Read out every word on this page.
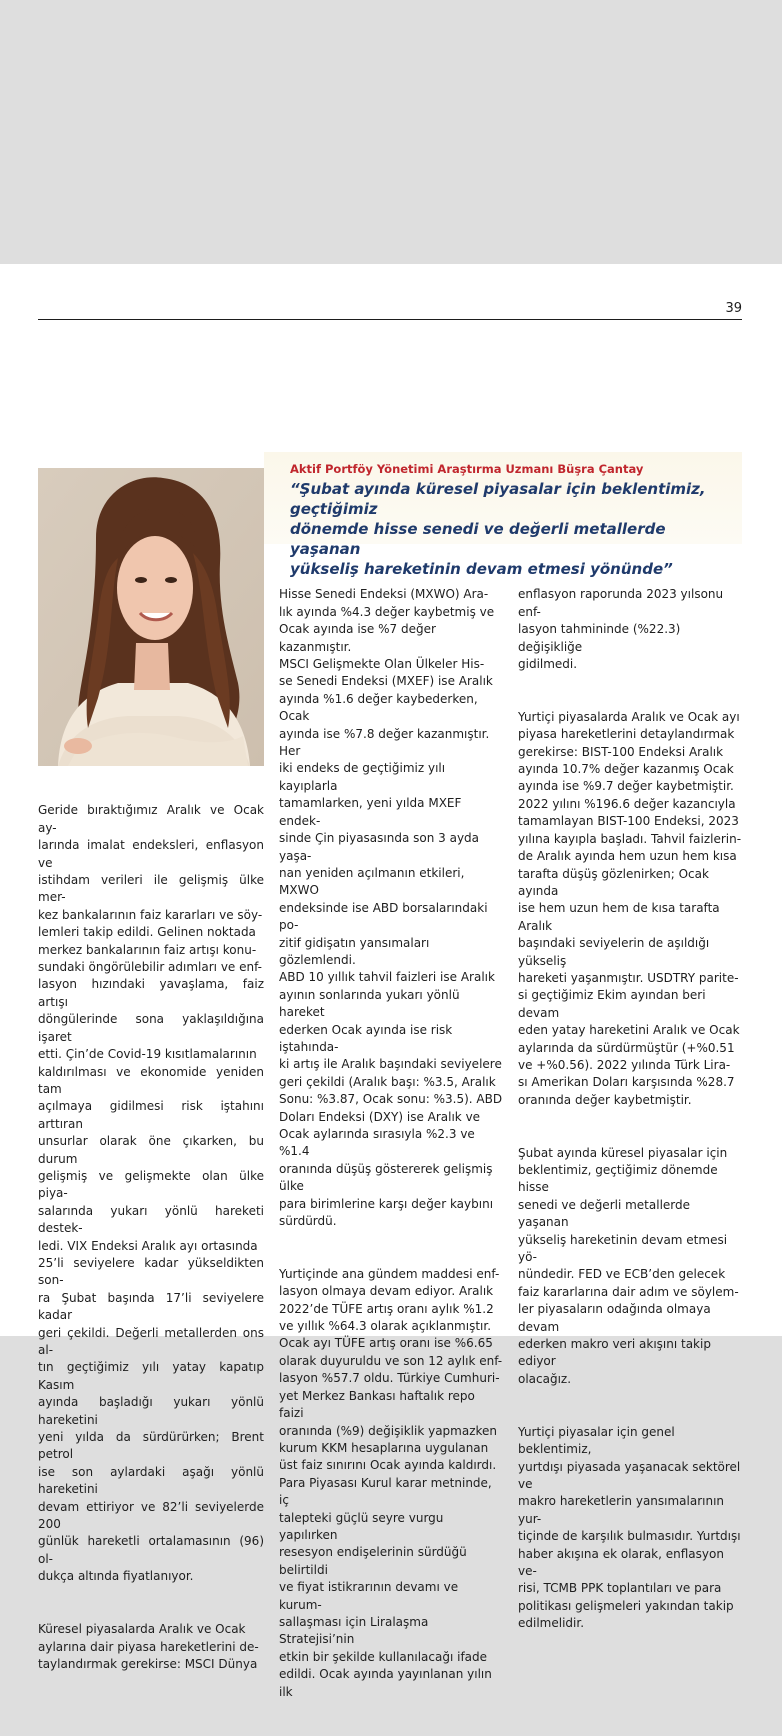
39
Aktif Portföy Yönetimi Araştırma Uzmanı Büşra Çantay
“Şubat ayında küresel piyasalar için beklentimiz, geçtiğimiz
dönemde hisse senedi ve değerli metallerde yaşanan
yükseliş hareketinin devam etmesi yönünde”

Geride bıraktığımız Aralık ve Ocak ay-
larında imalat endeksleri, enflasyon ve
istihdam verileri ile gelişmiş ülke mer-
kez bankalarının faiz kararları ve söy-
lemleri takip edildi. Gelinen noktada
merkez bankalarının faiz artışı konu-
sundaki öngörülebilir adımları ve enf-
lasyon hızındaki yavaşlama, faiz artışı
döngülerinde sona yaklaşıldığına işaret
etti. Çin’de Covid-19 kısıtlamalarının
kaldırılması ve ekonomide yeniden tam
açılmaya gidilmesi risk iştahını arttıran
unsurlar olarak öne çıkarken, bu durum
gelişmiş ve gelişmekte olan ülke piya-
salarında yukarı yönlü hareketi destek-
ledi. VIX Endeksi Aralık ayı ortasında
25’li seviyelere kadar yükseldikten son-
ra Şubat başında 17’li seviyelere kadar
geri çekildi. Değerli metallerden ons al-
tın geçtiğimiz yılı yatay kapatıp Kasım
ayında başladığı yukarı yönlü hareketini
yeni yılda da sürdürürken; Brent petrol
ise son aylardaki aşağı yönlü hareketini
devam ettiriyor ve 82’li seviyelerde 200
günlük hareketli ortalamasının (96) ol-
dukça altında fiyatlanıyor.

Küresel piyasalarda Aralık ve Ocak
aylarına dair piyasa hareketlerini de-
taylandırmak gerekirse: MSCI Dünya

Hisse Senedi Endeksi (MXWO) Ara-
lık ayında %4.3 değer kaybetmiş ve
Ocak ayında ise %7 değer kazanmıştır.
MSCI Gelişmekte Olan Ülkeler His-
se Senedi Endeksi (MXEF) ise Aralık
ayında %1.6 değer kaybederken, Ocak
ayında ise %7.8 değer kazanmıştır. Her
iki endeks de geçtiğimiz yılı kayıplarla
tamamlarken, yeni yılda MXEF endek-
sinde Çin piyasasında son 3 ayda yaşa-
nan yeniden açılmanın etkileri, MXWO
endeksinde ise ABD borsalarındaki po-
zitif gidişatın yansımaları gözlemlendi.
ABD 10 yıllık tahvil faizleri ise Aralık
ayının sonlarında yukarı yönlü hareket
ederken Ocak ayında ise risk iştahında-
ki artış ile Aralık başındaki seviyelere
geri çekildi (Aralık başı: %3.5, Aralık
Sonu: %3.87, Ocak sonu: %3.5). ABD
Doları Endeksi (DXY) ise Aralık ve
Ocak aylarında sırasıyla %2.3 ve %1.4
oranında düşüş göstererek gelişmiş ülke
para birimlerine karşı değer kaybını
sürdürdü.

Yurtiçinde ana gündem maddesi enf-
lasyon olmaya devam ediyor. Aralık
2022’de TÜFE artış oranı aylık %1.2
ve yıllık %64.3 olarak açıklanmıştır.
Ocak ayı TÜFE artış oranı ise %6.65
olarak duyuruldu ve son 12 aylık enf-
lasyon %57.7 oldu. Türkiye Cumhuri-
yet Merkez Bankası haftalık repo faizi
oranında (%9) değişiklik yapmazken
kurum KKM hesaplarına uygulanan
üst faiz sınırını Ocak ayında kaldırdı.
Para Piyasası Kurul karar metninde, iç
talepteki güçlü seyre vurgu yapılırken
resesyon endişelerinin sürdüğü belirtildi
ve fiyat istikrarının devamı ve kurum-
sallaşması için Liralaşma Stratejisi’nin
etkin bir şekilde kullanılacağı ifade
edildi. Ocak ayında yayınlanan yılın ilk

enflasyon raporunda 2023 yılsonu enf-
lasyon tahmininde (%22.3) değişikliğe
gidilmedi.

Yurtiçi piyasalarda Aralık ve Ocak ayı
piyasa hareketlerini detaylandırmak
gerekirse: BIST-100 Endeksi Aralık
ayında 10.7% değer kazanmış Ocak
ayında ise %9.7 değer kaybetmiştir.
2022 yılını %196.6 değer kazancıyla
tamamlayan BIST-100 Endeksi, 2023
yılına kayıpla başladı. Tahvil faizlerin-
de Aralık ayında hem uzun hem kısa
tarafta düşüş gözlenirken; Ocak ayında
ise hem uzun hem de kısa tarafta Aralık
başındaki seviyelerin de aşıldığı yükseliş
hareketi yaşanmıştır. USDTRY parite-
si geçtiğimiz Ekim ayından beri devam
eden yatay hareketini Aralık ve Ocak
aylarında da sürdürmüştür (+%0.51
ve +%0.56). 2022 yılında Türk Lira-
sı Amerikan Doları karşısında %28.7
oranında değer kaybetmiştir.

Şubat ayında küresel piyasalar için
beklentimiz, geçtiğimiz dönemde hisse
senedi ve değerli metallerde yaşanan
yükseliş hareketinin devam etmesi yö-
nündedir. FED ve ECB’den gelecek
faiz kararlarına dair adım ve söylem-
ler piyasaların odağında olmaya devam
ederken makro veri akışını takip ediyor
olacağız.

Yurtiçi piyasalar için genel beklentimiz,
yurtdışı piyasada yaşanacak sektörel ve
makro hareketlerin yansımalarının yur-
tiçinde de karşılık bulmasıdır. Yurtdışı
haber akışına ek olarak, enflasyon ve-
risi, TCMB PPK toplantıları ve para
politikası gelişmeleri yakından takip
edilmelidir.
